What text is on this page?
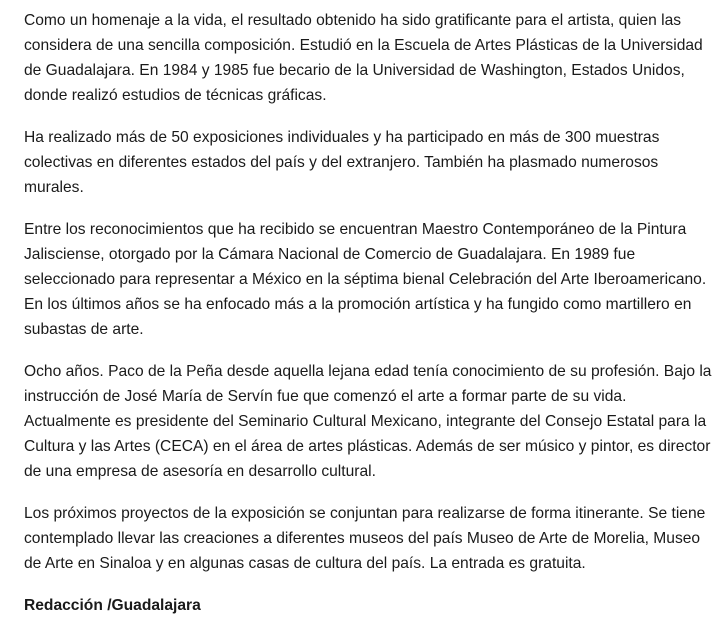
Como un homenaje a la vida, el resultado obtenido ha sido gratificante para el artista, quien las considera de una sencilla composición. Estudió en la Escuela de Artes Plásticas de la Universidad de Guadalajara. En 1984 y 1985 fue becario de la Universidad de Washington, Estados Unidos, donde realizó estudios de técnicas gráficas.

Ha realizado más de 50 exposiciones individuales y ha participado en más de 300 muestras colectivas en diferentes estados del país y del extranjero. También ha plasmado numerosos murales.

Entre los reconocimientos que ha recibido se encuentran Maestro Contemporáneo de la Pintura Jalisciense, otorgado por la Cámara Nacional de Comercio de Guadalajara. En 1989 fue seleccionado para representar a México en la séptima bienal Celebración del Arte Iberoamericano. En los últimos años se ha enfocado más a la promoción artística y ha fungido como martillero en subastas de arte.

Ocho años. Paco de la Peña desde aquella lejana edad tenía conocimiento de su profesión. Bajo la instrucción de José María de Servín fue que comenzó el arte a formar parte de su vida. Actualmente es presidente del Seminario Cultural Mexicano, integrante del Consejo Estatal para la Cultura y las Artes (CECA) en el área de artes plásticas. Además de ser músico y pintor, es director de una empresa de asesoría en desarrollo cultural.

Los próximos proyectos de la exposición se conjuntan para realizarse de forma itinerante. Se tiene contemplado llevar las creaciones a diferentes museos del país Museo de Arte de Morelia, Museo de Arte en Sinaloa y en algunas casas de cultura del país. La entrada es gratuita.

Redacción /Guadalajara
